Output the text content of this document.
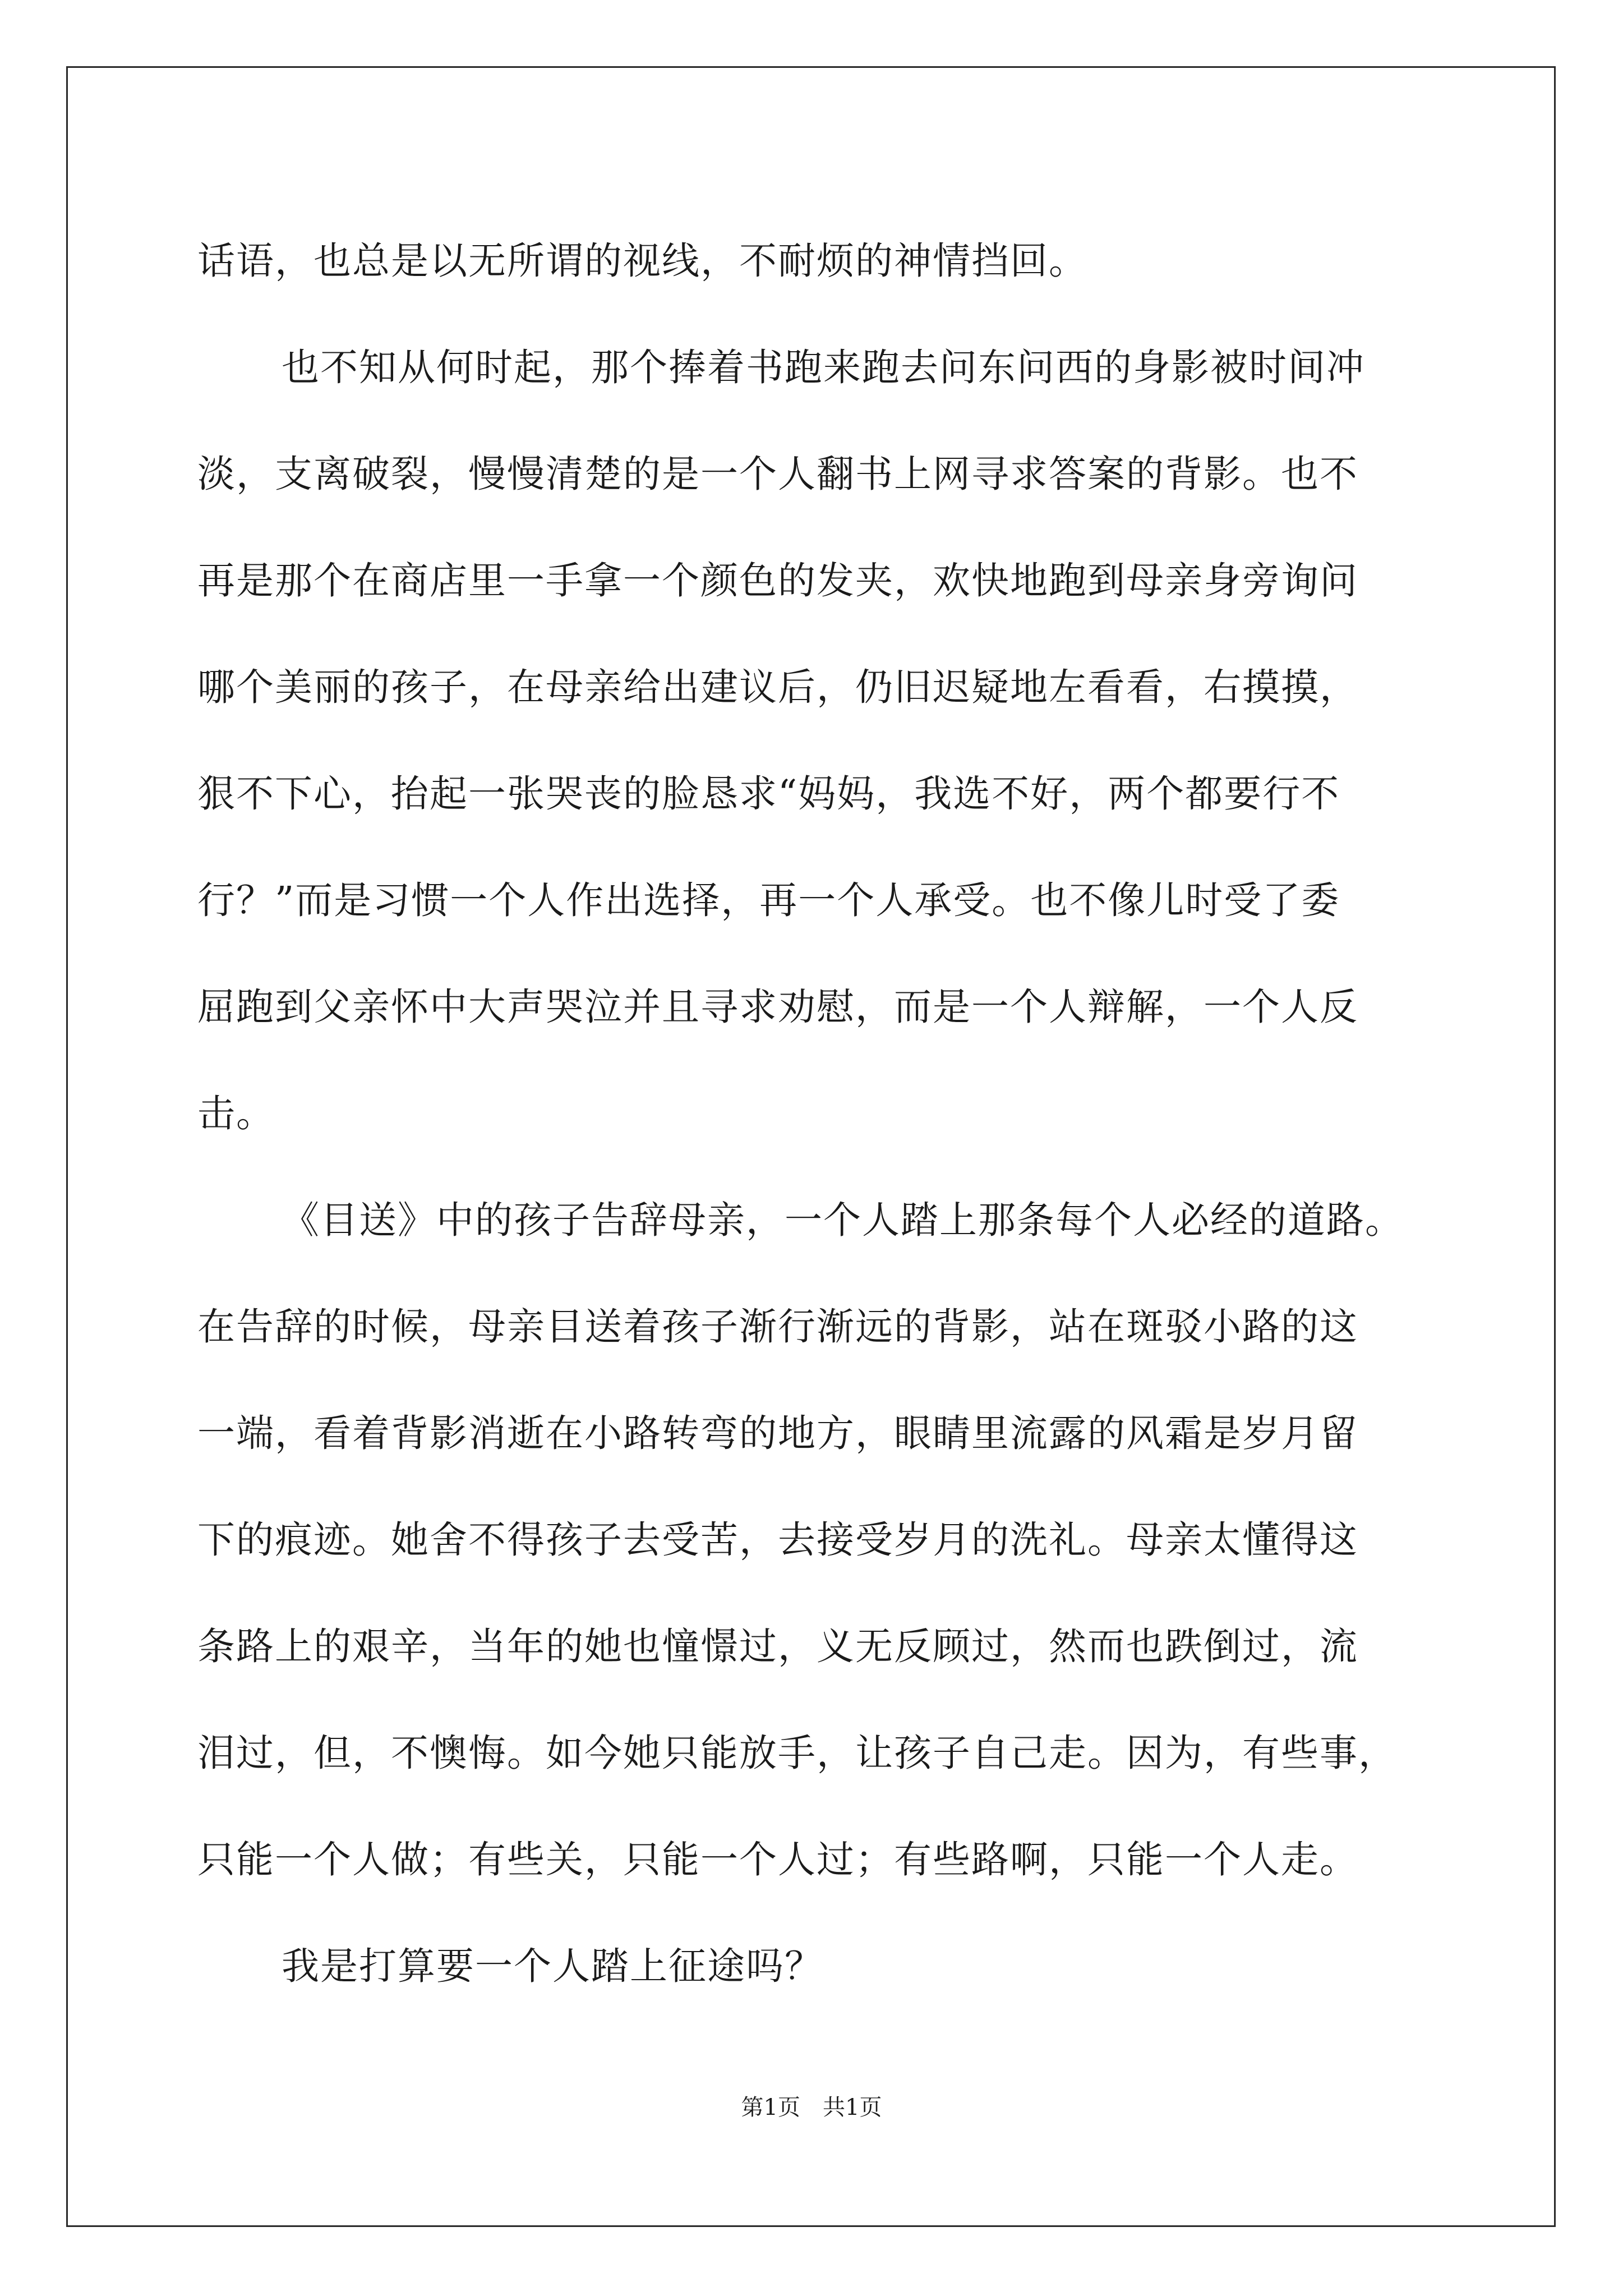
话语，也总是以无所谓的视线，不耐烦的神情挡回。
也不知从何时起，那个捧着书跑来跑去问东问西的身影被时间冲
淡，支离破裂，慢慢清楚的是一个人翻书上网寻求答案的背影。也不
再是那个在商店里一手拿一个颜色的发夹，欢快地跑到母亲身旁询问
哪个美丽的孩子，在母亲给出建议后，仍旧迟疑地左看看，右摸摸，
狠不下心，抬起一张哭丧的脸恳求“妈妈，我选不好，两个都要行不
行？”而是习惯一个人作出选择，再一个人承受。也不像儿时受了委
屈跑到父亲怀中大声哭泣并且寻求劝慰，而是一个人辩解，一个人反
击。
《目送》中的孩子告辞母亲，一个人踏上那条每个人必经的道路。
在告辞的时候，母亲目送着孩子渐行渐远的背影，站在斑驳小路的这
一端，看着背影消逝在小路转弯的地方，眼睛里流露的风霜是岁月留
下的痕迹。她舍不得孩子去受苦，去接受岁月的洗礼。母亲太懂得这
条路上的艰辛，当年的她也憧憬过，义无反顾过，然而也跌倒过，流
泪过，但，不懊悔。如今她只能放手，让孩子自己走。因为，有些事，
只能一个人做；有些关，只能一个人过；有些路啊，只能一个人走。
我是打算要一个人踏上征途吗？
第1页　共1页
